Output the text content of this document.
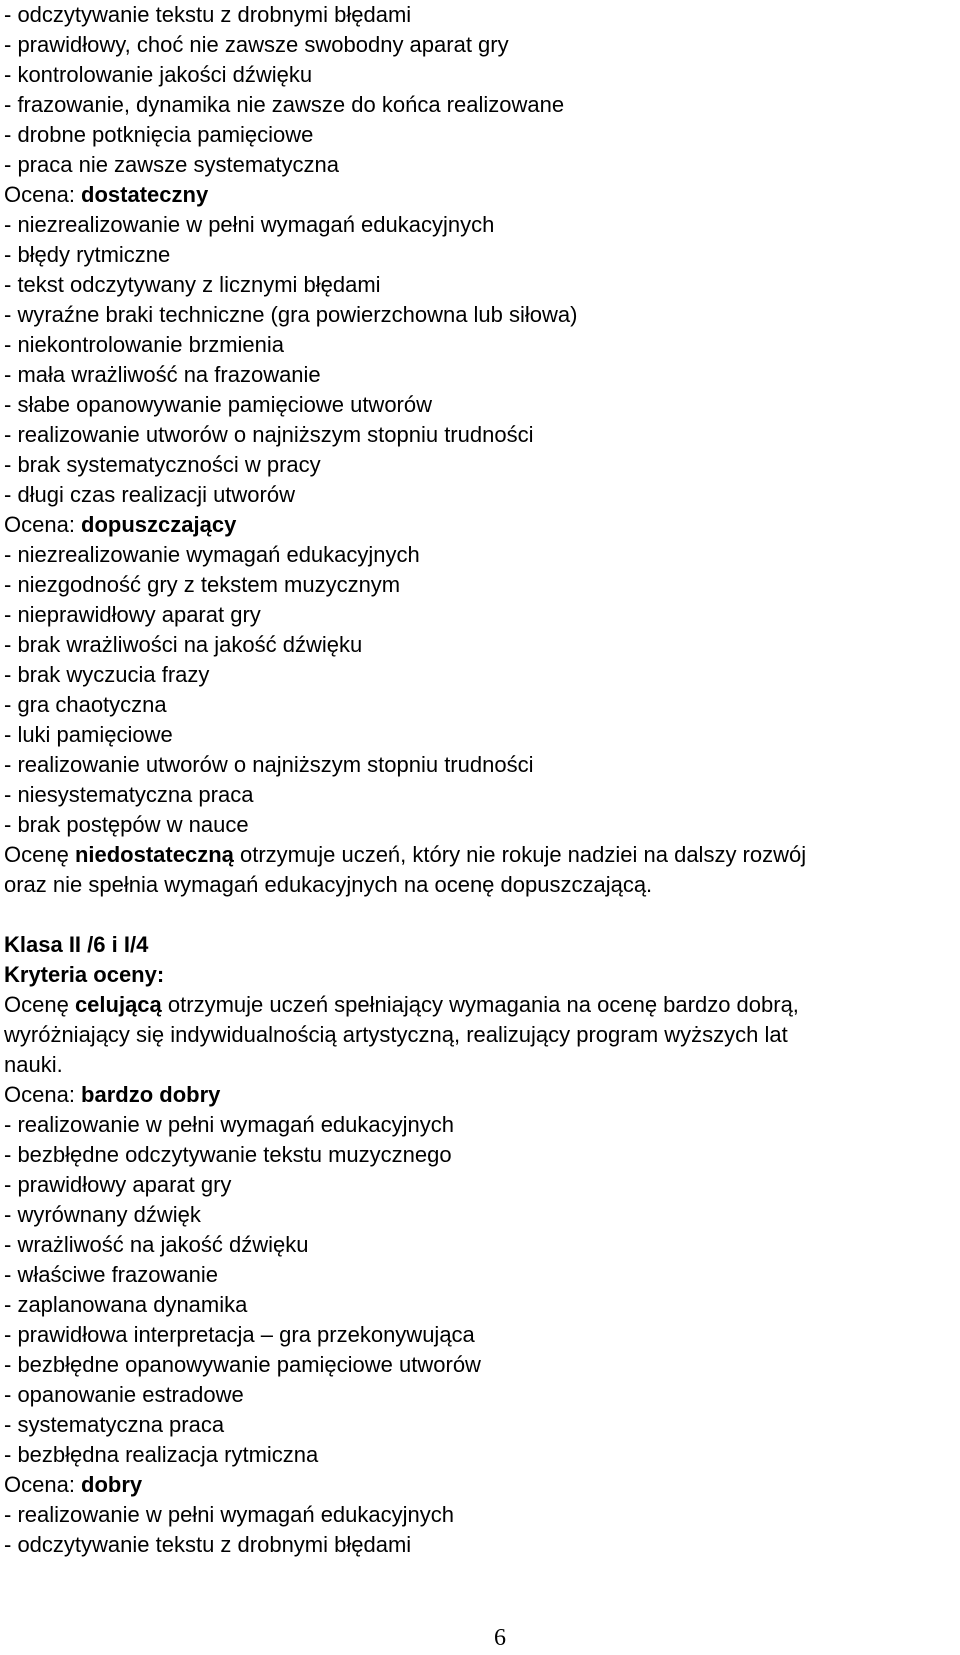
- odczytywanie tekstu z drobnymi błędami
- prawidłowy, choć nie zawsze swobodny aparat gry
- kontrolowanie jakości dźwięku
- frazowanie, dynamika nie zawsze do końca realizowane
- drobne potknięcia pamięciowe
- praca nie zawsze systematyczna
Ocena: dostateczny
- niezrealizowanie w pełni wymagań edukacyjnych
- błędy rytmiczne
- tekst odczytywany z licznymi błędami
- wyraźne braki techniczne (gra powierzchowna lub siłowa)
- niekontrolowanie brzmienia
- mała wrażliwość na frazowanie
- słabe opanowywanie pamięciowe utworów
- realizowanie utworów o najniższym stopniu trudności
- brak systematyczności w pracy
- długi czas realizacji utworów
Ocena: dopuszczający
- niezrealizowanie wymagań edukacyjnych
- niezgodność gry z tekstem muzycznym
- nieprawidłowy aparat gry
- brak wrażliwości na jakość dźwięku
- brak wyczucia frazy
- gra chaotyczna
- luki pamięciowe
- realizowanie utworów o najniższym stopniu trudności
- niesystematyczna praca
- brak postępów w nauce
Ocenę niedostateczną otrzymuje uczeń, który nie rokuje nadziei na dalszy rozwój
oraz nie spełnia wymagań edukacyjnych na ocenę dopuszczającą.
Klasa II /6 i I/4
Kryteria oceny:
Ocenę celującą otrzymuje uczeń spełniający wymagania na ocenę bardzo dobrą,
wyróżniający się indywidualnością artystyczną, realizujący program wyższych lat
nauki.
Ocena: bardzo dobry
- realizowanie w pełni wymagań edukacyjnych
- bezbłędne odczytywanie tekstu muzycznego
- prawidłowy aparat gry
- wyrównany dźwięk
- wrażliwość na jakość dźwięku
- właściwe frazowanie
- zaplanowana dynamika
- prawidłowa interpretacja – gra przekonywująca
- bezbłędne opanowywanie pamięciowe utworów
- opanowanie estradowe
- systematyczna praca
- bezbłędna realizacja rytmiczna
Ocena: dobry
- realizowanie w pełni wymagań edukacyjnych
- odczytywanie tekstu z drobnymi błędami
6
